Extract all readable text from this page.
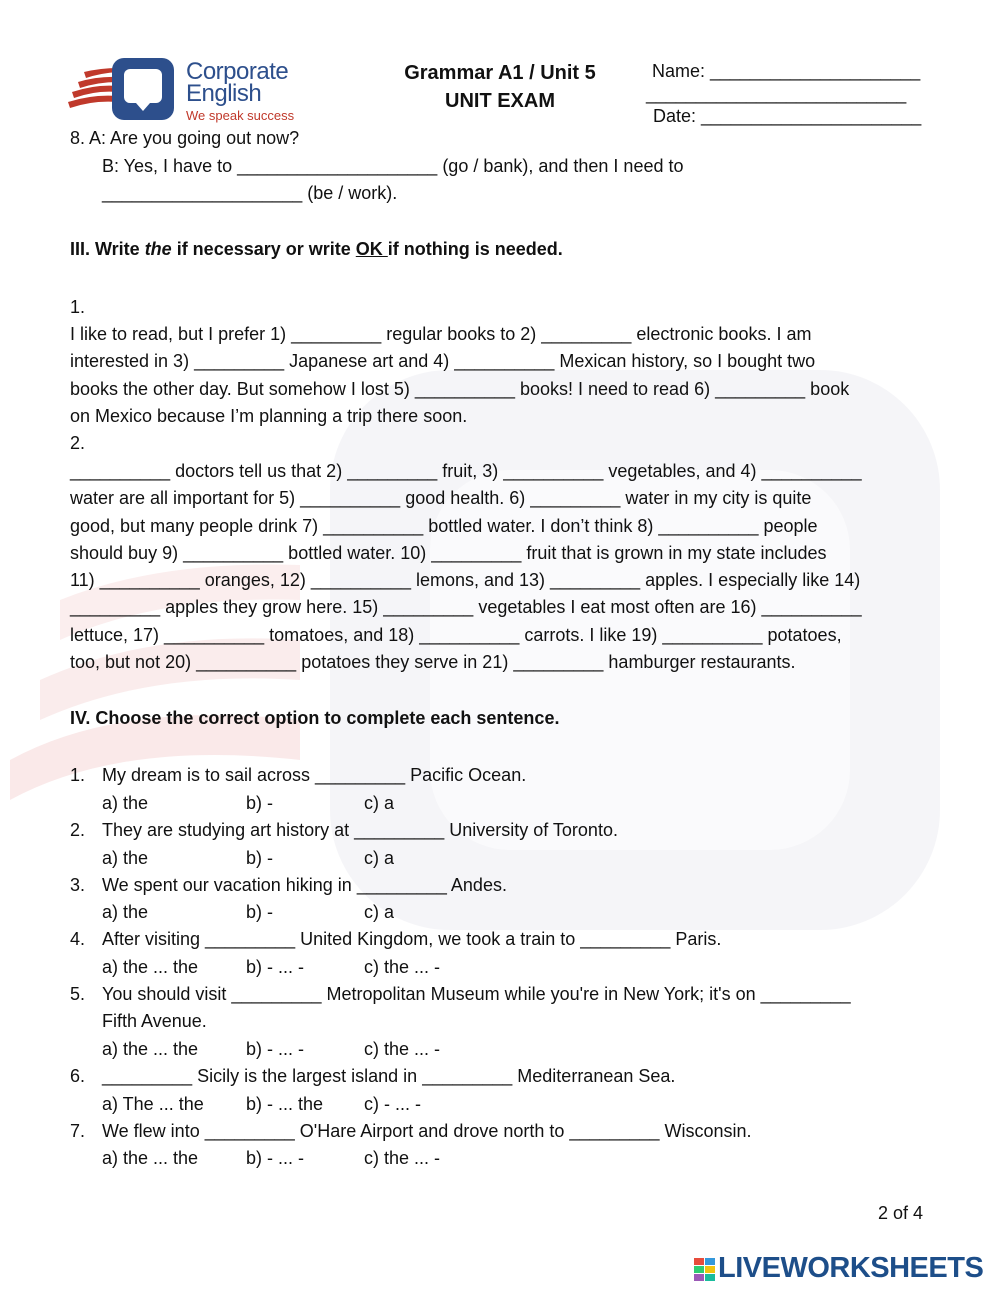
Corporate
English
We speak success
Grammar A1 / Unit 5
UNIT EXAM
Name: _____________________
__________________________
Date: ______________________
8. A: Are you going out now?
B: Yes, I have to ____________________ (go / bank), and then I need to
____________________ (be / work).
III. Write the if necessary or write OK if nothing is needed.
1.
I like to read, but I prefer 1) _________ regular books to 2) _________ electronic books. I am
interested in 3) _________ Japanese art and 4) __________ Mexican history, so I bought two
books the other day. But somehow I lost 5) __________ books! I need to read 6) _________ book
on Mexico because I’m planning a trip there soon.
2.
__________ doctors tell us that 2) _________ fruit, 3) __________ vegetables, and 4) __________
water are all important for 5) __________ good health. 6) _________ water in my city is quite
good, but many people drink 7) __________ bottled water. I don’t think 8) __________ people
should buy 9) __________ bottled water. 10) _________ fruit that is grown in my state includes
11) __________ oranges, 12) __________ lemons, and 13) _________ apples. I especially like 14)
_________ apples they grow here. 15) _________ vegetables I eat most often are 16) __________
lettuce, 17) __________ tomatoes, and 18) __________ carrots. I like 19) __________ potatoes,
too, but not 20) __________ potatoes they serve in 21) _________ hamburger restaurants.
IV. Choose the correct option to complete each sentence.
1. My dream is to sail across _________ Pacific Ocean.
a) the	b) -	c) a
2. They are studying art history at _________ University of Toronto.
a) the	b) -	c) a
3. We spent our vacation hiking in _________ Andes.
a) the	b) -	c) a
4. After visiting _________ United Kingdom, we took a train to _________ Paris.
a) the ... the	b) - ... -	c) the ... -
5. You should visit _________ Metropolitan Museum while you're in New York; it's on _________
Fifth Avenue.
a) the ... the	b) - ... -	c) the ... -
6. _________ Sicily is the largest island in _________ Mediterranean Sea.
a) The ... the b) - ... the c) - ... -
7. We flew into _________ O'Hare Airport and drove north to _________ Wisconsin.
a) the ... the	b) - ... -	c) the ... -
2 of 4
LIVEWORKSHEETS
